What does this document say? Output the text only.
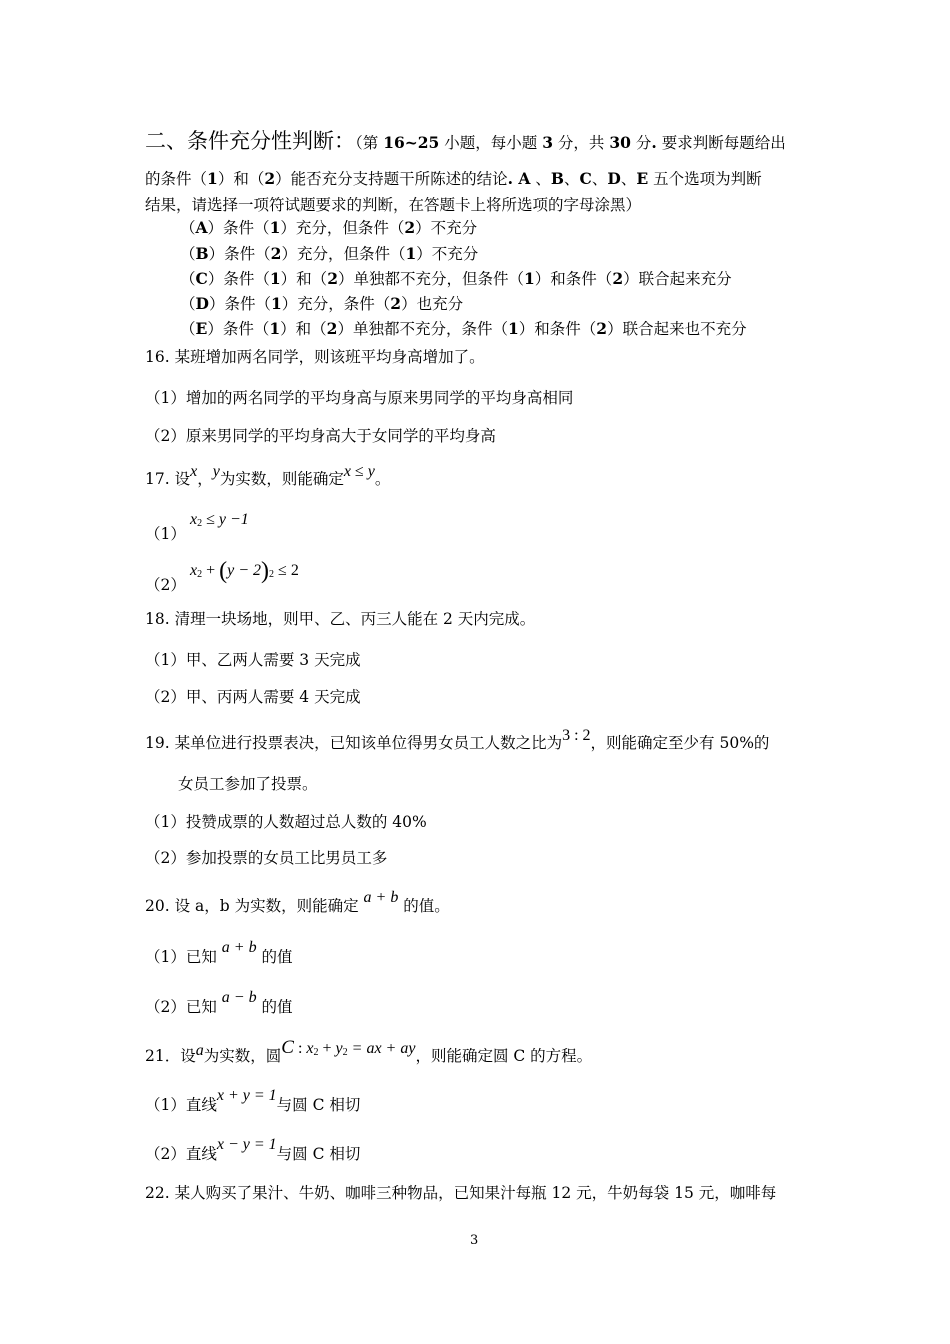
二、条件充分性判断：（第 16~25 小题，每小题 3 分，共 30 分. 要求判断每题给出
的条件（1）和（2）能否充分支持题干所陈述的结论. A 、B、C、D、E 五个选项为判断
结果，请选择一项符试题要求的判断，在答题卡上将所选项的字母涂黑）
（A）条件（1）充分，但条件（2）不充分
（B）条件（2）充分，但条件（1）不充分
（C）条件（1）和（2）单独都不充分，但条件（1）和条件（2）联合起来充分
（D）条件（1）充分，条件（2）也充分
（E）条件（1）和（2）单独都不充分，条件（1）和条件（2）联合起来也不充分
16. 某班增加两名同学，则该班平均身高增加了。
（1）增加的两名同学的平均身高与原来男同学的平均身高相同
（2）原来男同学的平均身高大于女同学的平均身高
17. 设x，y为实数，则能确定x ≤ y。
（1）
$x_2 \le y -1$
（2）
$x_2 + (y - 2)_2 \le 2$
18. 清理一块场地，则甲、乙、丙三人能在 2 天内完成。
（1）甲、乙两人需要 3 天完成
（2）甲、丙两人需要 4 天完成
19. 某单位进行投票表决，已知该单位得男女员工人数之比为3 : 2，则能确定至少有 50%的
女员工参加了投票。
（1）投赞成票的人数超过总人数的 40%
（2）参加投票的女员工比男员工多
20. 设 a，b 为实数，则能确定 a + b 的值。
（1）已知 a + b 的值
（2）已知 a − b 的值
21．设a为实数，圆C : $x_2 + y_2$ = ax + ay，则能确定圆 C 的方程。
（1）直线x + y = 1与圆 C 相切
（2）直线x − y = 1与圆 C 相切
22. 某人购买了果汁、牛奶、咖啡三种物品，已知果汁每瓶 12 元，牛奶每袋 15 元，咖啡每
3
